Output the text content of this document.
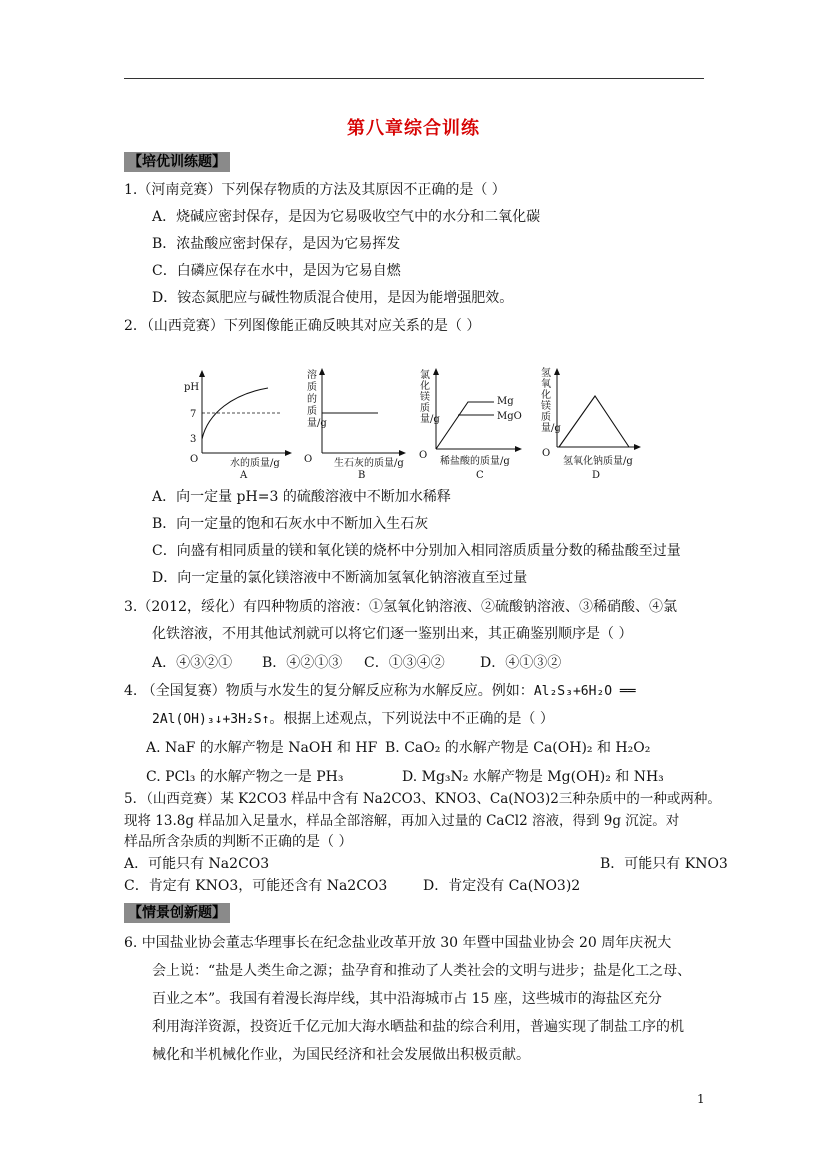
第八章综合训练
【培优训练题】
1.（河南竞赛）下列保存物质的方法及其原因不正确的是（ ）
A．烧碱应密封保存，是因为它易吸收空气中的水分和二氧化碳
B．浓盐酸应密封保存，是因为它易挥发
C．白磷应保存在水中，是因为它易自燃
D．铵态氮肥应与碱性物质混合使用，是因为能增强肥效。
2．（山西竞赛）下列图像能正确反映其对应关系的是（ ）
pH
7
3
O	水的质量/g
A
O 生石灰的质量/g
B
溶质的质量/g
Mg
MgO
O
稀盐酸的质量/g
C
氯化镁质量/g
O
氢氧化钠质量/g
D
氢氧化镁质量/g
A．向一定量 pH=3 的硫酸溶液中不断加水稀释
B．向一定量的饱和石灰水中不断加入生石灰
C．向盛有相同质量的镁和氧化镁的烧杯中分别加入相同溶质质量分数的稀盐酸至过量
D．向一定量的氯化镁溶液中不断滴加氢氧化钠溶液直至过量
3.（2012，绥化）有四种物质的溶液：①氢氧化钠溶液、②硫酸钠溶液、③稀硝酸、④氯
化铁溶液，不用其他试剂就可以将它们逐一鉴别出来，其正确鉴别顺序是（ ）
A．④③②① B．④②①③ C．①③④②	D．④①③②
4. （全国复赛）物质与水发生的复分解反应称为水解反应。例如：Al₂S₃+6H₂O ══
2Al(OH)₃↓+3H₂S↑。根据上述观点，下列说法中不正确的是（ ）
A. NaF 的水解产物是 NaOH 和 HF B. CaO₂ 的水解产物是 Ca(OH)₂ 和 H₂O₂
C. PCl₃ 的水解产物之一是 PH₃	D. Mg₃N₂ 水解产物是 Mg(OH)₂ 和 NH₃
5．（山西竞赛）某 K2CO3 样品中含有 Na2CO3、KNO3、Ca(NO3)2三种杂质中的一种或两种。
现将 13.8g 样品加入足量水，样品全部溶解，再加入过量的 CaCl2 溶液，得到 9g 沉淀。对
样品所含杂质的判断不正确的是（ ）
A．可能只有 Na2CO3	B．可能只有 KNO3
C．肯定有 KNO3，可能还含有 Na2CO3	D．肯定没有 Ca(NO3)2
【情景创新题】
6. 中国盐业协会董志华理事长在纪念盐业改革开放 30 年暨中国盐业协会 20 周年庆祝大
会上说：“盐是人类生命之源；盐孕育和推动了人类社会的文明与进步；盐是化工之母、
百业之本”。我国有着漫长海岸线，其中沿海城市占 15 座，这些城市的海盐区充分
利用海洋资源，投资近千亿元加大海水晒盐和盐的综合利用，普遍实现了制盐工序的机
械化和半机械化作业，为国民经济和社会发展做出积极贡献。
1
